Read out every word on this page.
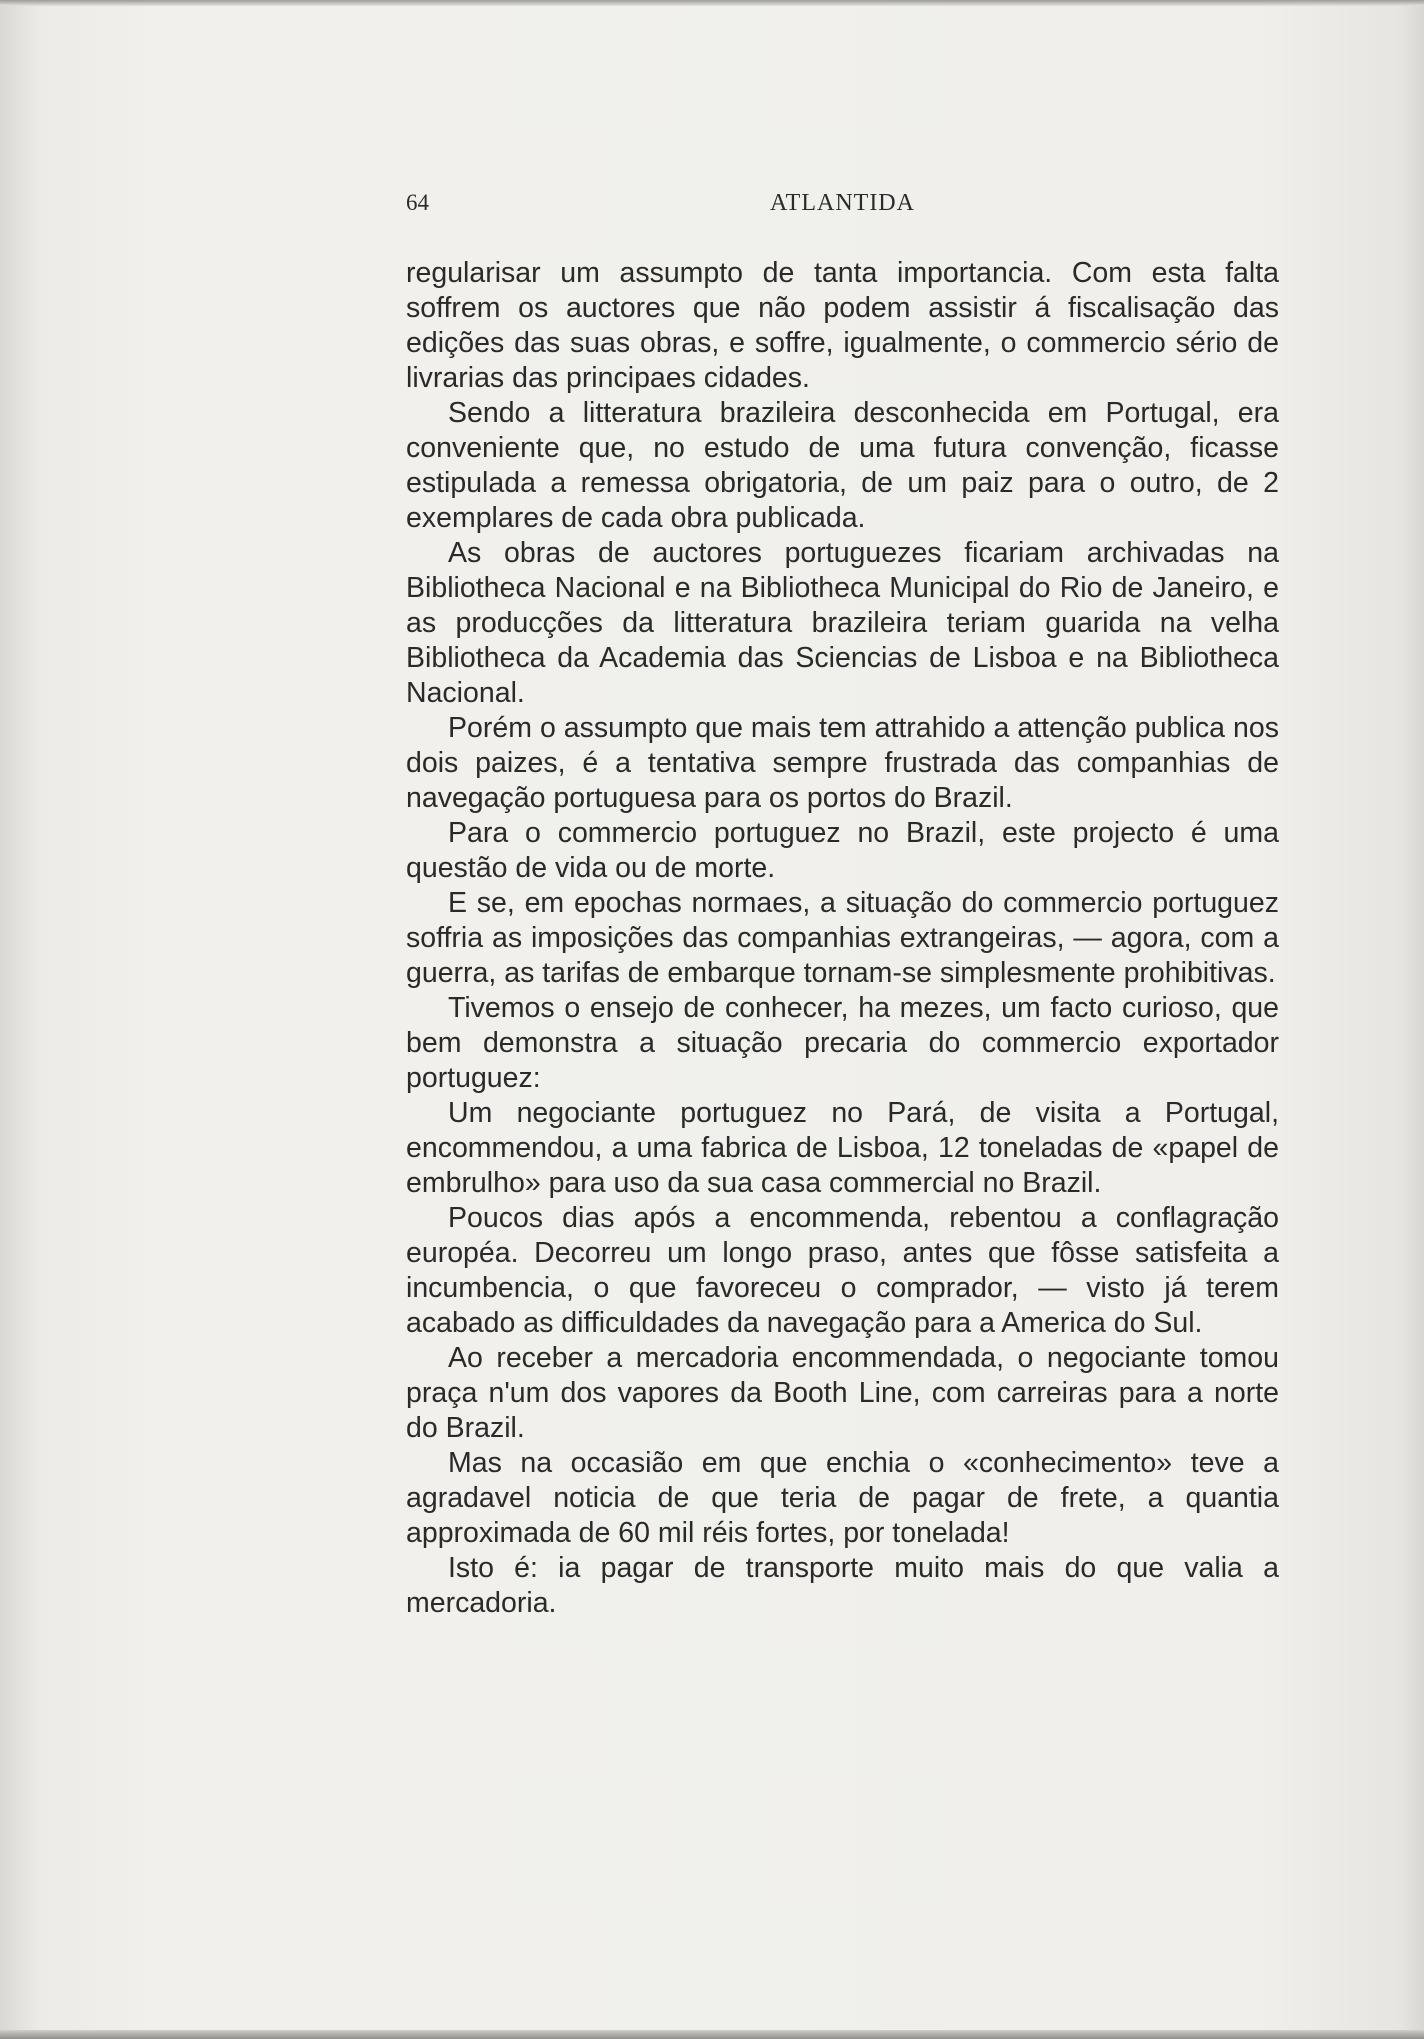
64	ATLANTIDA

regularisar um assumpto de tanta importancia. Com esta falta soffrem os auctores que não podem assistir á fiscalisação das edições das suas obras, e soffre, igualmente, o commercio sério de livrarias das principaes cidades.

Sendo a litteratura brazileira desconhecida em Portugal, era conveniente que, no estudo de uma futura convenção, ficasse estipulada a remessa obrigatoria, de um paiz para o outro, de 2 exemplares de cada obra publicada.

As obras de auctores portuguezes ficariam archivadas na Bibliotheca Nacional e na Bibliotheca Municipal do Rio de Janeiro, e as producções da litteratura brazileira teriam guarida na velha Bibliotheca da Academia das Sciencias de Lisboa e na Bibliotheca Nacional.

Porém o assumpto que mais tem attrahido a attenção publica nos dois paizes, é a tentativa sempre frustrada das companhias de navegação portuguesa para os portos do Brazil.

Para o commercio portuguez no Brazil, este projecto é uma questão de vida ou de morte.

E se, em epochas normaes, a situação do commercio portuguez soffria as imposições das companhias extrangeiras, — agora, com a guerra, as tarifas de embarque tornam-se simplesmente prohibitivas.

Tivemos o ensejo de conhecer, ha mezes, um facto curioso, que bem demonstra a situação precaria do commercio exportador portuguez:

Um negociante portuguez no Pará, de visita a Portugal, encommendou, a uma fabrica de Lisboa, 12 toneladas de «papel de embrulho» para uso da sua casa commercial no Brazil.

Poucos dias após a encommenda, rebentou a conflagração européa. Decorreu um longo praso, antes que fôsse satisfeita a incumbencia, o que favoreceu o comprador, — visto já terem acabado as difficuldades da navegação para a America do Sul.

Ao receber a mercadoria encommendada, o negociante tomou praça n'um dos vapores da Booth Line, com carreiras para a norte do Brazil.

Mas na occasião em que enchia o «conhecimento» teve a agradavel noticia de que teria de pagar de frete, a quantia approximada de 60 mil réis fortes, por tonelada!

Isto é: ia pagar de transporte muito mais do que valia a mercadoria.
